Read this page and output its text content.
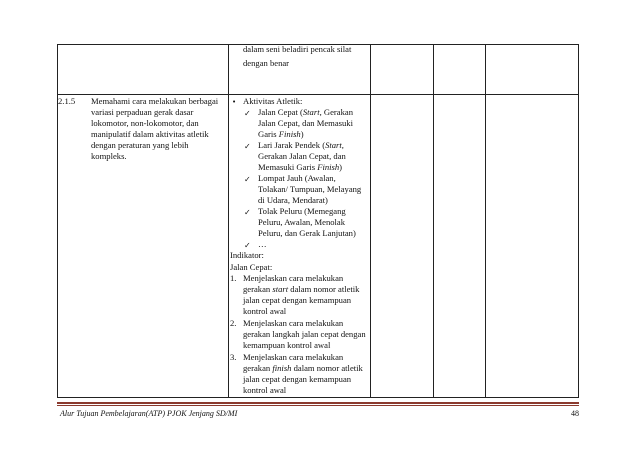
dalam seni beladiri pencak silat
dengan benar
2.1.5 Memahami cara melakukan berbagai
variasi perpaduan gerak dasar
lokomotor, non-lokomotor, dan
manipulatif dalam aktivitas atletik
dengan peraturan yang lebih
kompleks.
• Aktivitas Atletik:
✓ Jalan Cepat (Start, Gerakan
Jalan Cepat, dan Memasuki
Garis Finish)
✓ Lari Jarak Pendek (Start,
Gerakan Jalan Cepat, dan
Memasuki Garis Finish)
✓ Lompat Jauh (Awalan,
Tolakan/ Tumpuan, Melayang
di Udara, Mendarat)
✓ Tolak Peluru (Memegang
Peluru, Awalan, Menolak
Peluru, dan Gerak Lanjutan)
✓ …
Indikator:
Jalan Cepat:
1. Menjelaskan cara melakukan
gerakan start dalam nomor atletik
jalan cepat dengan kemampuan
kontrol awal
2. Menjelaskan cara melakukan
gerakan langkah jalan cepat dengan
kemampuan kontrol awal
3. Menjelaskan cara melakukan
gerakan finish dalam nomor atletik
jalan cepat dengan kemampuan
kontrol awal
Alur Tujuan Pembelajaran(ATP) PJOK Jenjang SD/MI	48
